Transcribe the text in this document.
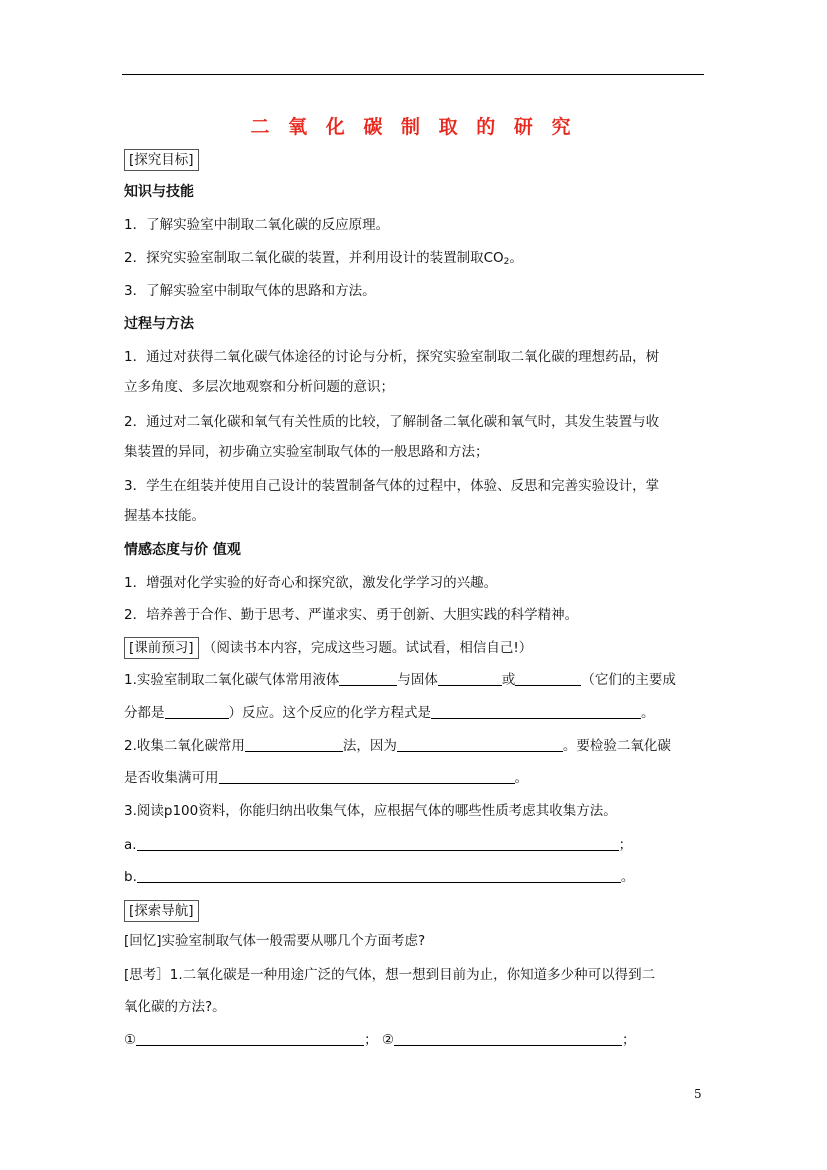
二 氧 化 碳 制 取 的 研 究
[探究目标]
知识与技能
1．了解实验室中制取二氧化碳的反应原理。
2．探究实验室制取二氧化碳的装置，并利用设计的装置制取$CO_2$。
3．了解实验室中制取气体的思路和方法。
过程与方法
1．通过对获得二氧化碳气体途径的讨论与分析，探究实验室制取二氧化碳的理想药品，树
立多角度、多层次地观察和分析问题的意识；
2．通过对二氧化碳和氧气有关性质的比较，了解制备二氧化碳和氧气时，其发生装置与收
集装置的异同，初步确立实验室制取气体的一般思路和方法；
3．学生在组装并使用自己设计的装置制备气体的过程中，体验、反思和完善实验设计，掌
握基本技能。
情感态度与价 值观
1．增强对化学实验的好奇心和探究欲，激发化学学习的兴趣。
2．培养善于合作、勤于思考、严谨求实、勇于创新、大胆实践的科学精神。
[课前预习] （阅读书本内容，完成这些习题。试试看，相信自己!）
1.实验室制取二氧化碳气体常用液体	与固体	或	（它们的主要成
分都是	）反应。这个反应的化学方程式是	。
2.收集二氧化碳常用	法，因为	。要检验二氧化碳
是否收集满可用	。
3.阅读p100资料，你能归纳出收集气体，应根据气体的哪些性质考虑其收集方法。
a.	；
b.	。
[探索导航]
[回忆]实验室制取气体一般需要从哪几个方面考虑?
[思考］1.二氧化碳是一种用途广泛的气体，想一想到目前为止，你知道多少种可以得到二
氧化碳的方法?。
①	； ②	；
5
